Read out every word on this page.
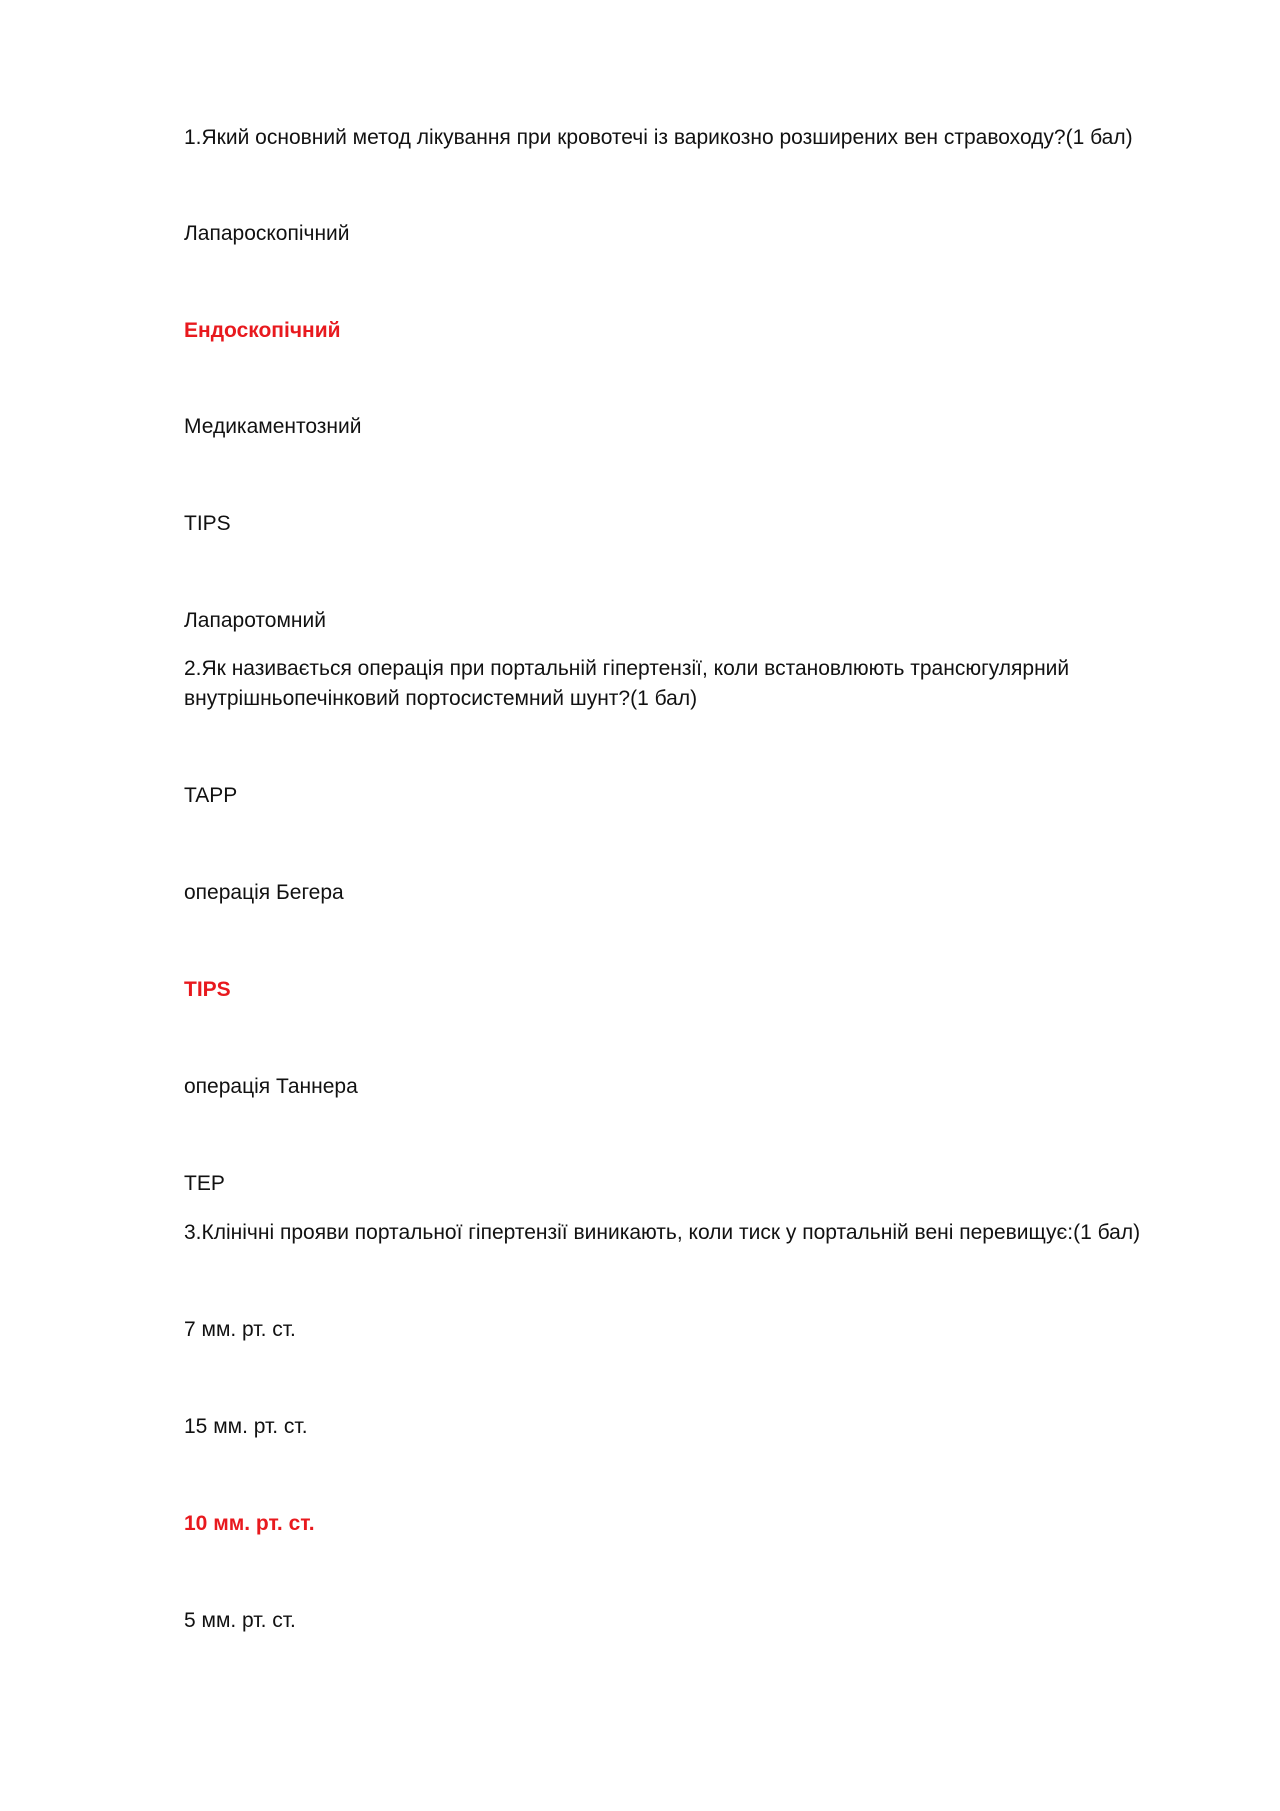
1.Який основний метод лікування при кровотечі із варикозно розширених вен стравоходу?(1 бал)

Лапароскопічний

Ендоскопічний

Медикаментозний

TIPS

Лапаротомний

2.Як називається операція при портальній гіпертензії, коли встановлюють трансюгулярний внутрішньопечінковий портосистемний шунт?(1 бал)

TAPP

операція Бегера

TIPS

операція Таннера

TEP

3.Клінічні прояви портальної гіпертензії виникають, коли тиск у портальній вені перевищує:(1 бал)

7 мм. рт. ст.

15 мм. рт. ст.

10 мм. рт. ст.

5 мм. рт. ст.
